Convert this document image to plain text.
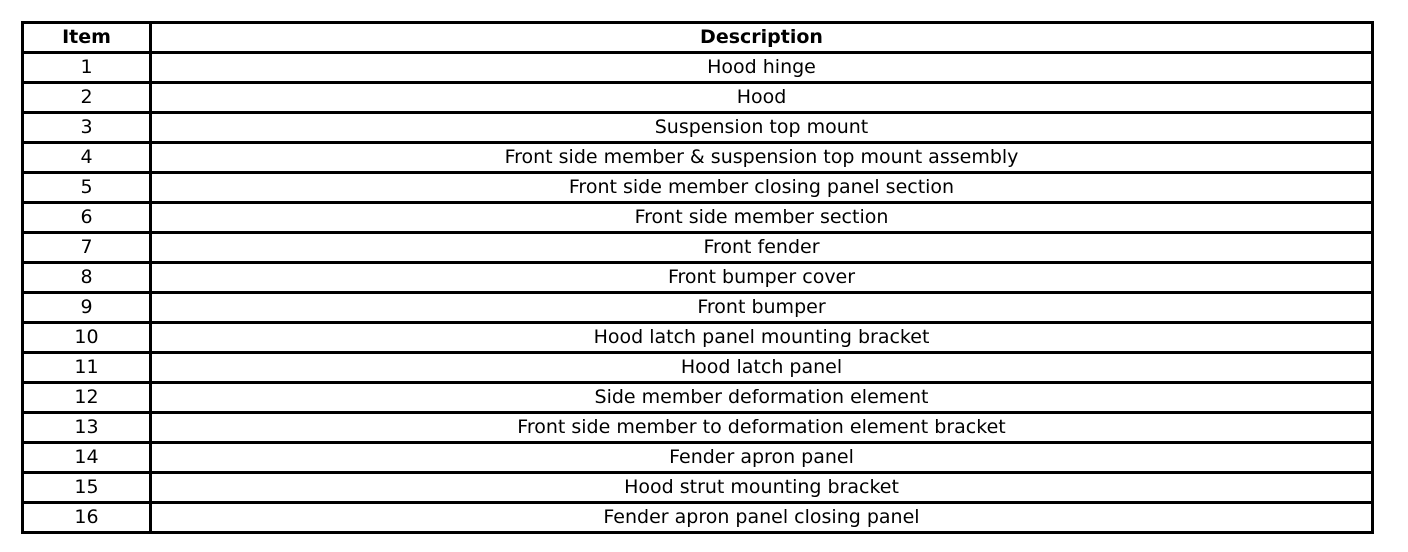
Item	Description
1	Hood hinge
2	Hood
3	Suspension top mount
4	Front side member & suspension top mount assembly
5	Front side member closing panel section
6	Front side member section
7	Front fender
8	Front bumper cover
9	Front bumper
10	Hood latch panel mounting bracket
11	Hood latch panel
12	Side member deformation element
13	Front side member to deformation element bracket
14	Fender apron panel
15	Hood strut mounting bracket
16	Fender apron panel closing panel
